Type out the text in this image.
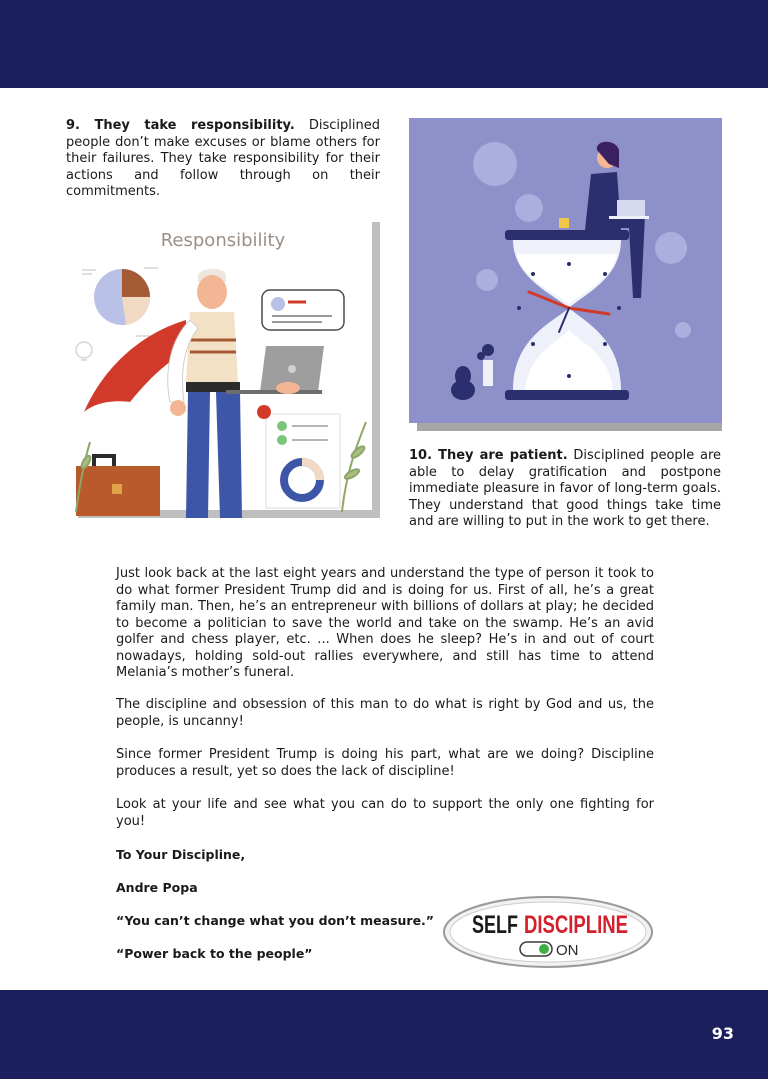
9. They take responsibility. Disciplined people don’t make excuses or blame others for their failures. They take responsibility for their actions and follow through on their commitments.

Responsibility

10. They are patient. Disciplined people are able to delay gratification and postpone immediate pleasure in favor of long-term goals. They understand that good things take time and are willing to put in the work to get there.

Just look back at the last eight years and understand the type of person it took to do what former President Trump did and is doing for us. First of all, he’s a great family man. Then, he’s an entrepreneur with billions of dollars at play; he decided to become a politician to save the world and take on the swamp. He’s an avid golfer and chess player, etc. ... When does he sleep? He’s in and out of court nowadays, holding sold-out rallies everywhere, and still has time to attend Melania’s mother’s funeral.

The discipline and obsession of this man to do what is right by God and us, the people, is uncanny!

Since former President Trump is doing his part, what are we doing? Discipline produces a result, yet so does the lack of discipline!

Look at your life and see what you can do to support the only one fighting for you!

To Your Discipline,

Andre Popa

“You can’t change what you don’t measure.”

“Power back to the people”

SELF DISCIPLINE
ON
93
